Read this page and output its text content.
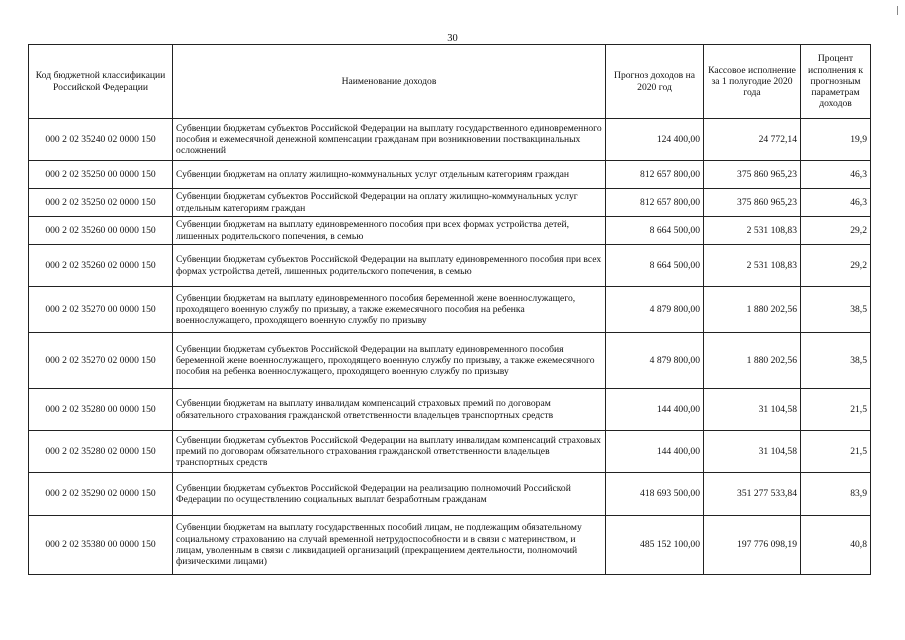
30
Код бюджетной классификации Российской Федерации	Наименование доходов	Прогноз доходов на 2020 год	Кассовое исполнение за 1 полугодие 2020 года	Процент исполнения к прогнозным параметрам доходов
000 2 02 35240 02 0000 150	Субвенции бюджетам субъектов Российской Федерации на выплату государственного единовременного пособия и ежемесячной денежной компенсации гражданам при возникновении поствакцинальных осложнений	124 400,00	24 772,14	19,9
000 2 02 35250 00 0000 150	Субвенции бюджетам на оплату жилищно-коммунальных услуг отдельным категориям граждан	812 657 800,00	375 860 965,23	46,3
000 2 02 35250 02 0000 150	Субвенции бюджетам субъектов Российской Федерации на оплату жилищно-коммунальных услуг отдельным категориям граждан	812 657 800,00	375 860 965,23	46,3
000 2 02 35260 00 0000 150	Субвенции бюджетам на выплату единовременного пособия при всех формах устройства детей, лишенных родительского попечения, в семью	8 664 500,00	2 531 108,83	29,2
000 2 02 35260 02 0000 150	Субвенции бюджетам субъектов Российской Федерации на выплату единовременного пособия при всех формах устройства детей, лишенных родительского попечения, в семью	8 664 500,00	2 531 108,83	29,2
000 2 02 35270 00 0000 150	Субвенции бюджетам на выплату единовременного пособия беременной жене военнослужащего, проходящего военную службу по призыву, а также ежемесячного пособия на ребенка военнослужащего, проходящего военную службу по призыву	4 879 800,00	1 880 202,56	38,5
000 2 02 35270 02 0000 150	Субвенции бюджетам субъектов Российской Федерации на выплату единовременного пособия беременной жене военнослужащего, проходящего военную службу по призыву, а также ежемесячного пособия на ребенка военнослужащего, проходящего военную службу по призыву	4 879 800,00	1 880 202,56	38,5
000 2 02 35280 00 0000 150	Субвенции бюджетам на выплату инвалидам компенсаций страховых премий по договорам обязательного страхования гражданской ответственности владельцев транспортных средств	144 400,00	31 104,58	21,5
000 2 02 35280 02 0000 150	Субвенции бюджетам субъектов Российской Федерации на выплату инвалидам компенсаций страховых премий по договорам обязательного страхования гражданской ответственности владельцев транспортных средств	144 400,00	31 104,58	21,5
000 2 02 35290 02 0000 150	Субвенции бюджетам субъектов Российской Федерации на реализацию полномочий Российской Федерации по осуществлению социальных выплат безработным гражданам	418 693 500,00	351 277 533,84	83,9
000 2 02 35380 00 0000 150	Субвенции бюджетам на выплату государственных пособий лицам, не подлежащим обязательному социальному страхованию на случай временной нетрудоспособности и в связи с материнством, и лицам, уволенным в связи с ликвидацией организаций (прекращением деятельности, полномочий физическими лицами)	485 152 100,00	197 776 098,19	40,8
